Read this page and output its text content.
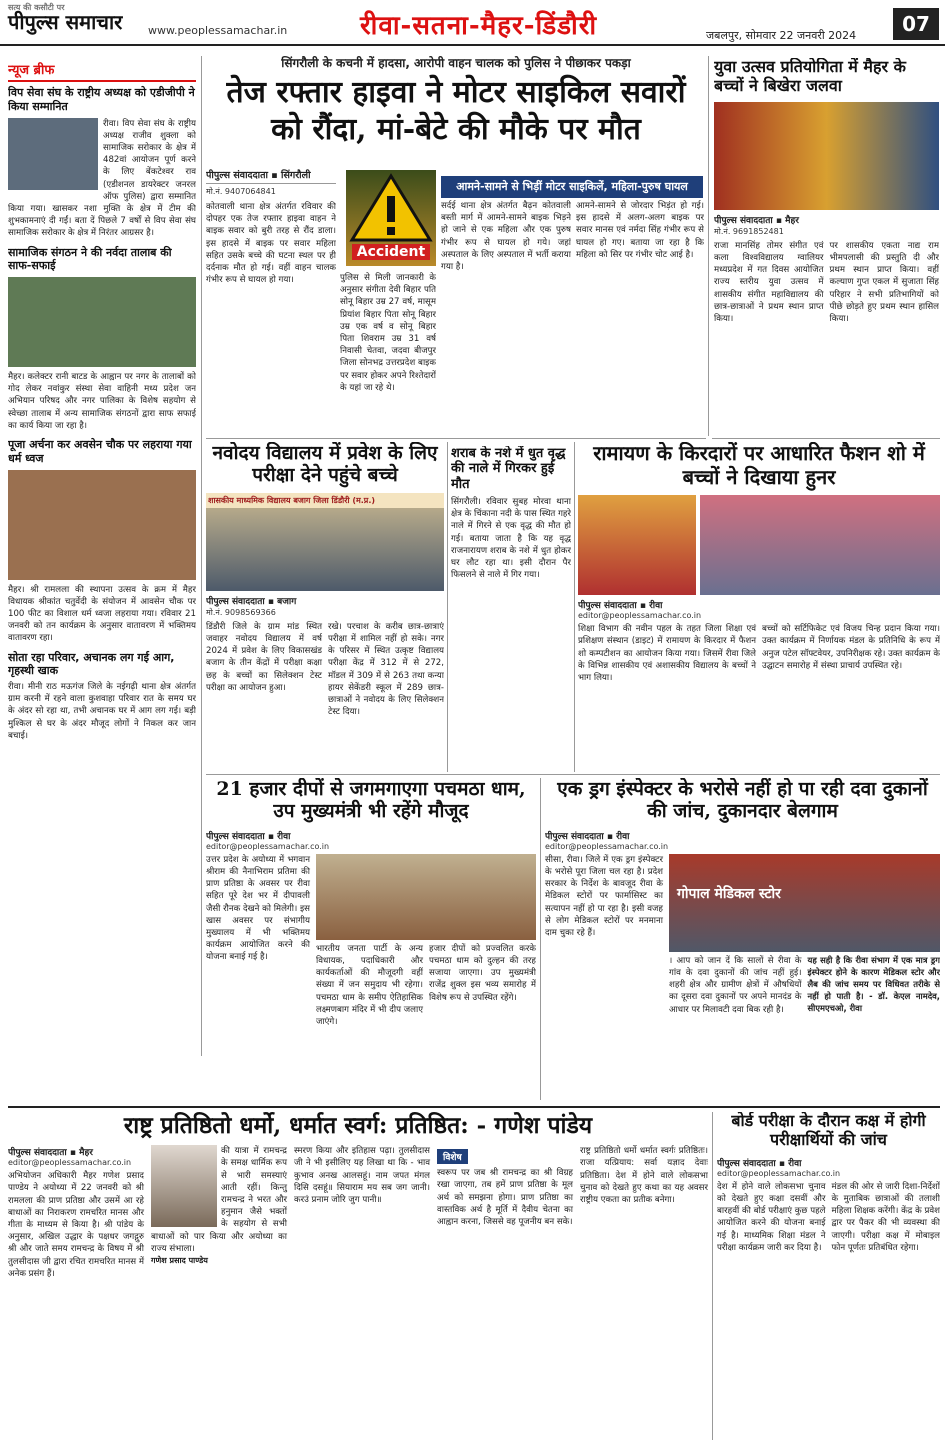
सत्य की कसौटी पर
पीपुल्स समाचार www.peoplessamachar.in	रीवा-सतना-मैहर-डिंडौरी	जबलपुर, सोमवार 22 जनवरी 2024	07
न्यूज ब्रीफ
विप सेवा संघ के राष्ट्रीय अध्यक्ष को एडीजीपी ने किया सम्मानित
रीवा। विप सेवा संघ के राष्ट्रीय अध्यक्ष राजीव शुक्ला को सामाजिक सरोकार के क्षेत्र में 482वां आयोजन पूर्ण करने के लिए बेंकटेश्वर राव (एडीशनल डायरेक्टर जनरल ऑफ पुलिस) द्वारा सम्मानित किया गया। खासकर नशा मुक्ति के क्षेत्र में टीम की शुभकामनाएं दी गईं। बता दें पिछले 7 वर्षों से विप सेवा संघ सामाजिक सरोकार के क्षेत्र में निरंतर आग्रसर है।
सामाजिक संगठन ने की नर्वदा तालाब की साफ-सफाई
मैहर। कलेक्टर रानी बाटड के आह्वान पर नगर के तालाबों को गोद लेकर नवांकुर संस्था सेवा वाहिनी मध्य प्रदेश जन अभियान परिषद और नगर पालिका के विशेष सहयोग से स्वेच्छा तालाब में अन्य सामाजिक संगठनों द्वारा साफ सफाई का कार्य किया जा रहा है।
पूजा अर्चना कर अवसेन चौक पर लहराया गया धर्म ध्वज
मैहर। श्री रामलला की स्थापना उत्सव के क्रम में मैहर विधायक श्रीकांत चतुर्वेदी के संयोजन में आवसेन चौक पर 100 फीट का विशाल धर्म ध्वजा लहराया गया। रविवार 21 जनवरी को तन कार्यक्रम के अनुसार वातावरण में भक्तिमय वातावरण रहा।
सोता रहा परिवार, अचानक लग गई आग, गृहस्थी खाक
रीवा। मीनी राठ मऊगंज जिले के नईगढ़ी थाना क्षेत्र अंतर्गत ग्राम करनी में रहने वाला कुशवाहा परिवार रात के समय घर के अंदर सो रहा था, तभी अचानक घर में आग लग गई। बड़ी मुश्किल से घर के अंदर मौजूद लोगों ने निकल कर जान बचाई।
सिंगरौली के कचनी में हादसा, आरोपी वाहन चालक को पुलिस ने पीछाकर पकड़ा
तेज रफ्तार हाइवा ने मोटर साइकिल सवारों को रौंदा, मां-बेटे की मौके पर मौत
पीपुल्स संवाददाता ▪ सिंगरौली
मो.नं. 9407064841
कोतवाली थाना क्षेत्र अंतर्गत रविवार की दोपहर एक तेज रफ्तार हाइवा वाहन ने बाइक सवार को बुरी तरह से रौंद डाला। इस हादसे में बाइक पर सवार महिला सहित उसके बच्चे की घटना स्थल पर ही दर्दनाक मौत हो गई। वहीं वाहन चालक गंभीर रूप से घायल हो गया।
Accident
पुलिस से मिली जानकारी के अनुसार संगीता देवी बिहार पति सोनू बिहार उम्र 27 वर्ष, मासूम प्रियांश बिहार पिता सोनू बिहार उम्र एक वर्ष व सोनू बिहार पिता शिवराम उम्र 31 वर्ष निवासी चेतवा, जदवा बीजपुर जिला सोनभद्र उत्तरप्रदेश बाइक पर सवार होकर अपने रिश्तेदारों के यहां जा रहे थे।
आमने-सामने से भिड़ीं मोटर साइकिलें, महिला-पुरुष घायल
सर्दई थाना क्षेत्र अंतर्गत बैढ़न कोतवाली बस्ती मार्ग में आमने-सामने बाइक भिड़ने हो जाने से एक महिला और एक पुरुष गंभीर रूप से घायल हो गये। जहां अस्पताल के लिए अस्पताल में भर्ती कराया गया है।
आमने-सामने से जोरदार भिड़ंत हो गई। इस हादसे में अलग-अलग बाइक पर सवार मानस एवं नर्मदा सिंह गंभीर रूप से घायल हो गए। बताया जा रहा है कि महिला को सिर पर गंभीर चोट आई है।
युवा उत्सव प्रतियोगिता में मैहर के बच्चों ने बिखेरा जलवा
पीपुल्स संवाददाता ▪ मैहर
मो.नं. 9691852481
राजा मानसिंह तोमर संगीत एवं कला विश्वविद्यालय ग्वालियर मध्यप्रदेश में गत दिवस आयोजित राज्य स्तरीय युवा उत्सव में शासकीय संगीत महाविद्यालय की छात्र-छात्राओं ने प्रथम स्थान प्राप्त किया।
पर शासकीय एकता नाद्य राम भीमपलासी की प्रस्तुति दी और प्रथम स्थान प्राप्त किया। वहीं कल्याण गुप्त एकल में सुजाता सिंह परिहार ने सभी प्रतिभागियों को पीछे छोड़ते हुए प्रथम स्थान हासिल किया।
नवोदय विद्यालय में प्रवेश के लिए परीक्षा देने पहुंचे बच्चे
शासकीय माध्यमिक विद्यालय बजाग जिला डिंडौरी (म.प्र.)
पीपुल्स संवाददाता ▪ बजाग
मो.नं. 9098569366
डिंडौरी जिले के ग्राम मांड स्थित जवाहर नवोदय विद्यालय में वर्ष 2024 में प्रवेश के लिए विकासखंड बजाग के तीन केंद्रों में परीक्षा कक्षा छह के बच्चों का सिलेक्शन टेस्ट परीक्षा का आयोजन हुआ।
रखे। परचाश के करीब छात्र-छात्राएं परीक्षा में शामिल नहीं हो सके। नगर के परिसर में स्थित उत्कृष्ट विद्यालय परीक्षा केंद्र में 312 में से 272, मॉडल में 309 में से 263 तथा कन्या हायर सेकेंडरी स्कूल में 289 छात्र-छात्राओं ने नवोदय के लिए सिलेक्शन टेस्ट दिया।
शराब के नशे में धुत वृद्ध की नाले में गिरकर हुई मौत
सिंगरौली। रविवार सुबह मोरवा थाना क्षेत्र के चिंकाना नदी के पास स्थित गहरे नाले में गिरने से एक वृद्ध की मौत हो गई। बताया जाता है कि यह वृद्ध राजनारायण शराब के नशे में धुत होकर घर लौट रहा था। इसी दौरान पैर फिसलने से नाले में गिर गया।
रामायण के किरदारों पर आधारित फैशन शो में बच्चों ने दिखाया हुनर
पीपुल्स संवाददाता ▪ रीवा
editor@peoplessamachar.co.in
शिक्षा विभाग की नवीन पहल के तहत जिला शिक्षा एवं प्रशिक्षण संस्थान (डाइट) में रामायण के किरदार में फैशन शो कम्पटीशन का आयोजन किया गया। जिसमें रीवा जिले के विभिन्न शासकीय एवं अशासकीय विद्यालय के बच्चों ने भाग लिया।
बच्चों को सर्टिफिकेट एवं विजय चिन्ह प्रदान किया गया। उक्त कार्यक्रम में निर्णायक मंडल के प्रतिनिधि के रूप में अनुज पटेल सॉफ्टवेयर, उपनिरीक्षक रहे। उक्त कार्यक्रम के उद्घाटन समारोह में संस्था प्राचार्य उपस्थित रहे।
21 हजार दीपों से जगमगाएगा पचमठा धाम, उप मुख्यमंत्री भी रहेंगे मौजूद
पीपुल्स संवाददाता ▪ रीवा
editor@peoplessamachar.co.in
उत्तर प्रदेश के अयोध्या में भगवान श्रीराम की नैनाभिराम प्रतिमा की प्राण प्रतिष्ठा के अवसर पर रीवा सहित पूरे देश भर में दीपावली जैसी रौनक देखने को मिलेगी। इस खास अवसर पर संभागीय मुख्यालय में भी भक्तिमय कार्यक्रम आयोजित करने की योजना बनाई गई है।
भारतीय जनता पार्टी के अन्य विधायक, पदाधिकारी और कार्यकर्ताओं की मौजूदगी वहीं संख्या में जन समुदाय भी रहेगा। पचमठा धाम के समीप ऐतिहासिक लक्ष्मणबाग मंदिर में भी दीप जलाए जाएंगे।
हजार दीपों को प्रज्वलित करके पचमठा धाम को दुल्हन की तरह सजाया जाएगा। उप मुख्यमंत्री राजेंद्र शुक्ल इस भव्य समारोह में विशेष रूप से उपस्थित रहेंगे।
एक ड्रग इंस्पेक्टर के भरोसे नहीं हो पा रही दवा दुकानों की जांच, दुकानदार बेलगाम
पीपुल्स संवाददाता ▪ रीवा
editor@peoplessamachar.co.in
सीसा, रीवा। जिले में एक ड्रग इंस्पेक्टर के भरोसे पूरा जिला चल रहा है। प्रदेश सरकार के निर्देश के बावजूद रीवा के मेडिकल स्टोरों पर फार्मासिस्ट का सत्यापन नहीं हो पा रहा है। इसी वजह से लोग मेडिकल स्टोरों पर मनमाना दाम चुका रहे हैं।
गोपाल मेडिकल स्टोर
। आप को जान दें कि सालों से रीवा के गांव के दवा दुकानों की जांच नहीं हुई। शहरी क्षेत्र और ग्रामीण क्षेत्रों में औषधियों का दूसरा दवा दुकानों पर अपने मानदंड के आधार पर मिलावटी दवा बिक रही है।
यह सही है कि रीवा संभाग में एक मात्र ड्रग इंस्पेक्टर होने के कारण मेडिकल स्टोर और लैब की जांच समय पर विधिवत तरीके से नहीं हो पाती है। - डॉ. केएल नामदेव, सीएमएचओ, रीवा
राष्ट्र प्रतिष्ठितो धर्मो, धर्मात स्वर्ग: प्रतिष्ठित: - गणेश पांडेय
पीपुल्स संवाददाता ▪ मैहर
editor@peoplessamachar.co.in
अभियोजन अधिकारी मैहर गणेश प्रसाद पाण्डेय ने अयोध्या में 22 जनवरी को श्री रामलला की प्राण प्रतिष्ठा और उसमें आ रहे बाधाओं का निराकरण रामचरित मानस और गीता के माध्यम से किया है। श्री पांडेय के अनुसार, अखिल उद्धार के पक्षधर जगद्गुरु श्री और जाते समय रामचन्द्र के विषय में श्री तुलसीदास जी द्वारा रचित रामचरित मानस में अनेक प्रसंग हैं।
की यात्रा में रामचन्द्र के समक्ष धार्मिक रूप से भारी समस्याएं आती रहीं। किन्तु रामचन्द्र ने भरत और हनुमान जैसे भक्तों के सहयोग से सभी बाधाओं को पार किया और अयोध्या का राज्य संभाला।
गणेश प्रसाद पाण्डेय
स्मरण किया और इतिहास पढ़ा। तुलसीदास जी ने भी इसीलिए यह लिखा था कि - भाव कुभाव अनख आलसहूं। नाम जपत मंगल दिसि दसहूं॥ सियाराम मय सब जग जानी। करउं प्रनाम जोरि जुग पानी॥
विशेष
स्वरूप पर जब श्री रामचन्द्र का श्री विग्रह रखा जाएगा, तब हमें प्राण प्रतिष्ठा के मूल अर्थ को समझना होगा। प्राण प्रतिष्ठा का वास्तविक अर्थ है मूर्ति में दैवीय चेतना का आह्वान करना, जिससे वह पूजनीय बन सके।
राष्ट्र प्रतिष्ठितो धर्मो धर्मात स्वर्गः प्रतिष्ठितः। राजा यत्प्रियाय: सर्वा यज्ञाद देवाः प्रतिष्ठिता। देश में होने वाले लोकसभा चुनाव को देखते हुए कथा का यह अवसर राष्ट्रीय एकता का प्रतीक बनेगा।
बोर्ड परीक्षा के दौरान कक्ष में होगी परीक्षार्थियों की जांच
पीपुल्स संवाददाता ▪ रीवा
editor@peoplessamachar.co.in
देश में होने वाले लोकसभा चुनाव को देखते हुए कक्षा दसवीं और बारहवीं की बोर्ड परीक्षाएं कुछ पहले आयोजित करने की योजना बनाई गई है। माध्यमिक शिक्षा मंडल ने परीक्षा कार्यक्रम जारी कर दिया है।
मंडल की ओर से जारी दिशा-निर्देशों के मुताबिक छात्राओं की तलाशी महिला शिक्षक करेंगी। केंद्र के प्रवेश द्वार पर पैकर की भी व्यवस्था की जाएगी। परीक्षा कक्ष में मोबाइल फोन पूर्णतः प्रतिबंधित रहेगा।
